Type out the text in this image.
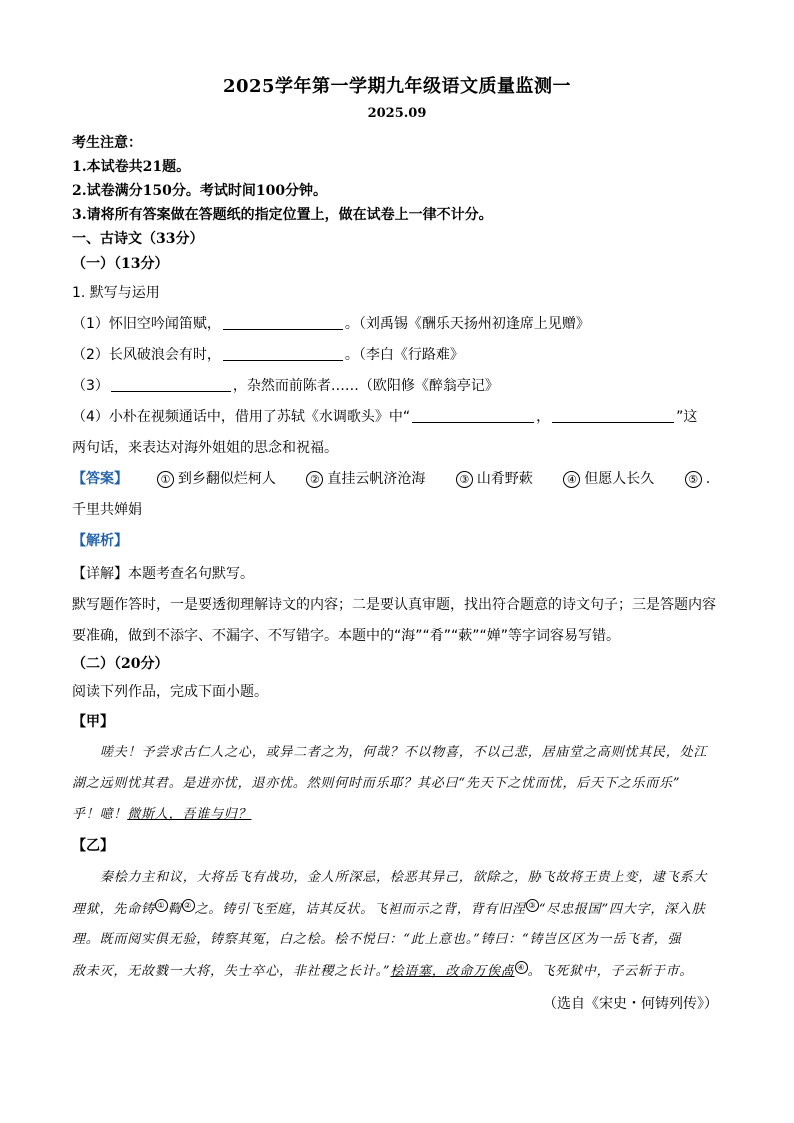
2025学年第一学期九年级语文质量监测一
2025.09
考生注意：
1.本试卷共21题。
2.试卷满分150分。考试时间100分钟。
3.请将所有答案做在答题纸的指定位置上，做在试卷上一律不计分。
一、古诗文（33分）
（一）（13分）
1. 默写与运用
（1）怀旧空吟闻笛赋，	。（刘禹锡《酬乐天扬州初逢席上见赠》
（2）长风破浪会有时，	。（李白《行路难》
（3）	，杂然而前陈者……（欧阳修《醉翁亭记》
（4）小朴在视频通话中，借用了苏轼《水调歌头》中“	，	”这
两句话，来表达对海外姐姐的思念和祝福。
【答案】	① 到乡翻似烂柯人	② 直挂云帆济沧海	③ 山肴野蔌	④ 但愿人长久	⑤ .
千里共婵娟
【解析】
【详解】本题考查名句默写。
默写题作答时，一是要透彻理解诗文的内容；二是要认真审题，找出符合题意的诗文句子；三是答题内容
要准确，做到不添字、不漏字、不写错字。本题中的“海”“肴”“蔌”“婵”等字词容易写错。
（二）（20分）
阅读下列作品，完成下面小题。
【甲】
嗟夫！予尝求古仁人之心，或异二者之为，何哉？不以物喜，不以己悲，居庙堂之高则忧其民，处江
湖之远则忧其君。是进亦忧，退亦忧。然则何时而乐耶？其必曰“先天下之忧而忧，后天下之乐而乐”
乎！噫！微斯人，吾谁与归？
【乙】
秦桧力主和议，大将岳飞有战功，金人所深忌，桧恶其异己，欲除之，胁飞故将王贵上变，逮飞系大
理狱，先命铸 ① 鞫 ② 之。铸引飞至庭，诘其反状。飞袒而示之背，背有旧涅 ③ “尽忠报国”四大字，深入肤
理。既而阅实俱无验，铸察其冤，白之桧。桧不悦曰：“此上意也。”铸曰：“铸岂区区为一岳飞者，强
敌未灭，无故戮一大将，失士卒心，非社稷之长计。”桧语塞，改命万俟卨 ④ 。飞死狱中，子云斩于市。
（选自《宋史・何铸列传》）
